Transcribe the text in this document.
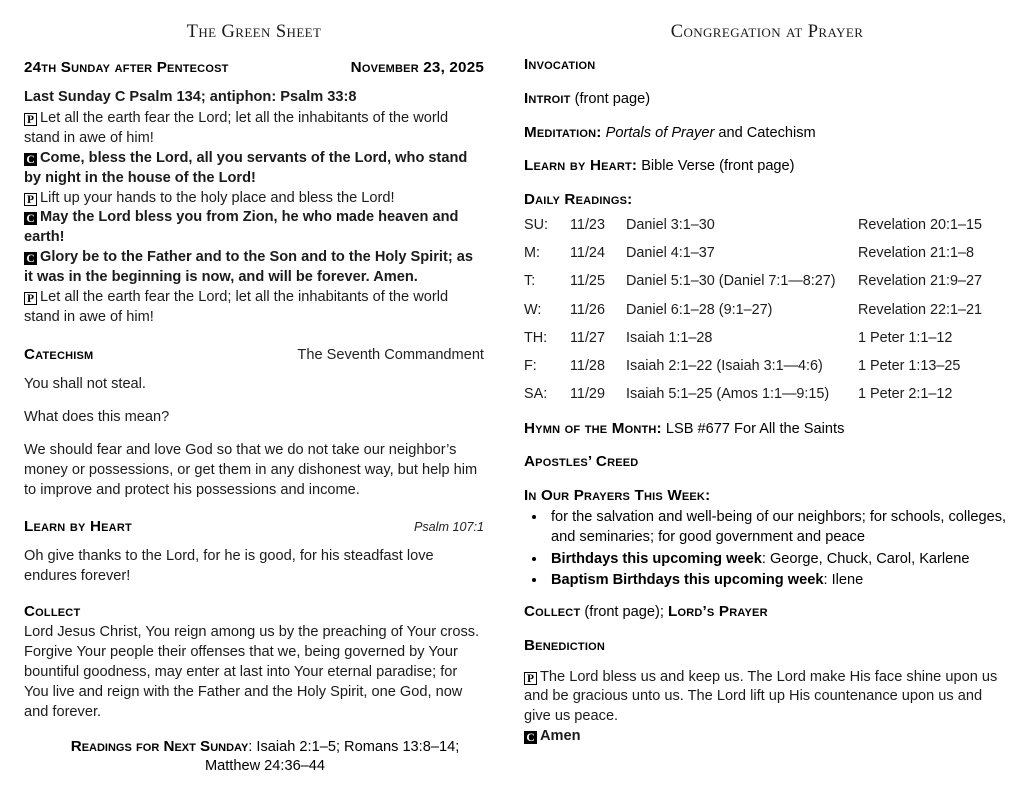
The Green Sheet
24th Sunday after Pentecost	November 23, 2025
Last Sunday C Psalm 134; antiphon: Psalm 33:8

P Let all the earth fear the Lord; let all the inhabitants of the world stand in awe of him!

C Come, bless the Lord, all you servants of the Lord, who stand by night in the house of the Lord!

P Lift up your hands to the holy place and bless the Lord!

C May the Lord bless you from Zion, he who made heaven and earth!

C Glory be to the Father and to the Son and to the Holy Spirit; as it was in the beginning is now, and will be forever. Amen.

P Let all the earth fear the Lord; let all the inhabitants of the world stand in awe of him!

Catechism	The Seventh Commandment

You shall not steal.

What does this mean?

We should fear and love God so that we do not take our neighbor’s money or possessions, or get them in any dishonest way, but help him to improve and protect his possessions and income.

Learn by Heart	Psalm 107:1

Oh give thanks to the Lord, for he is good, for his steadfast love endures forever!

Collect

Lord Jesus Christ, You reign among us by the preaching of Your cross. Forgive Your people their offenses that we, being governed by Your bountiful goodness, may enter at last into Your eternal paradise; for You live and reign with the Father and the Holy Spirit, one God, now and forever.

Readings for Next Sunday: Isaiah 2:1–5; Romans 13:8–14; Matthew 24:36–44
Congregation at Prayer
Invocation
Introit (front page)
Meditation: Portals of Prayer and Catechism
Learn by Heart: Bible Verse (front page)
Daily Readings:
SU:	11/23	Daniel 3:1–30	Revelation 20:1–15
M:	11/24	Daniel 4:1–37	Revelation 21:1–8
T:	11/25	Daniel 5:1–30 (Daniel 7:1—8:27)	Revelation 21:9–27
W:	11/26	Daniel 6:1–28 (9:1–27)	Revelation 22:1–21
TH:	11/27	Isaiah 1:1–28	1 Peter 1:1–12
F:	11/28	Isaiah 2:1–22 (Isaiah 3:1—4:6)	1 Peter 1:13–25
SA:	11/29	Isaiah 5:1–25 (Amos 1:1—9:15)	1 Peter 2:1–12
Hymn of the Month: LSB #677 For All the Saints
Apostles’ Creed
In Our Prayers This Week:
• for the salvation and well-being of our neighbors; for schools, colleges, and seminaries; for good government and peace
• Birthdays this upcoming week: George, Chuck, Carol, Karlene
• Baptism Birthdays this upcoming week: Ilene
Collect (front page); Lord’s Prayer
Benediction

P The Lord bless us and keep us. The Lord make His face shine upon us and be gracious unto us. The Lord lift up His countenance upon us and give us peace.

C Amen
